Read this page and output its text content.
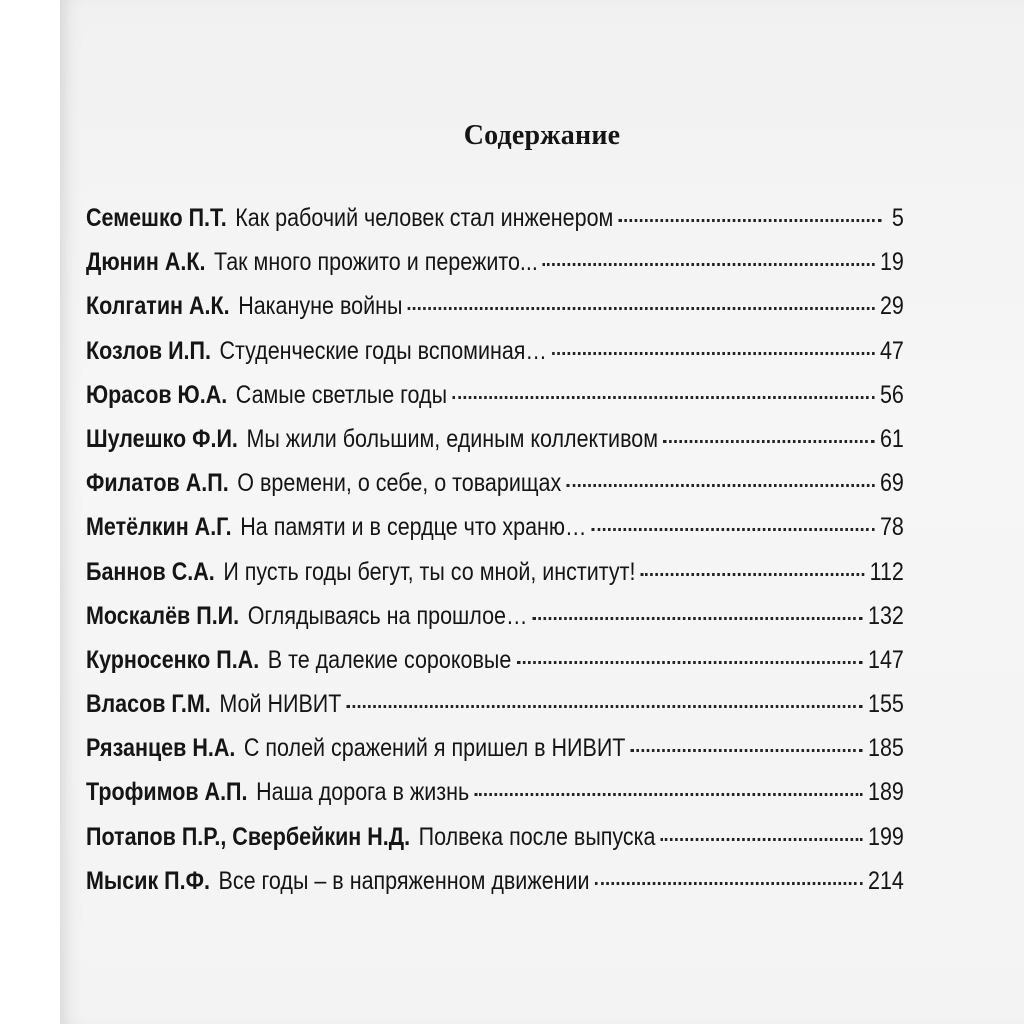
Содержание
Семешко П.Т. Как рабочий человек стал инженером	5
Дюнин А.К. Так много прожито и пережито...	19
Колгатин А.К. Накануне войны	29
Козлов И.П. Студенческие годы вспоминая…	47
Юрасов Ю.А. Самые светлые годы	56
Шулешко Ф.И. Мы жили большим, единым коллективом	61
Филатов А.П. О времени, о себе, о товарищах	69
Метёлкин А.Г. На памяти и в сердце что храню…	78
Баннов С.А. И пусть годы бегут, ты со мной, институт!	112
Москалёв П.И. Оглядываясь на прошлое…	132
Курносенко П.А. В те далекие сороковые	147
Власов Г.М. Мой НИВИТ	155
Рязанцев Н.А. С полей сражений я пришел в НИВИТ	185
Трофимов А.П. Наша дорога в жизнь	189
Потапов П.Р., Свербейкин Н.Д. Полвека после выпуска	199
Мысик П.Ф. Все годы – в напряженном движении	214
